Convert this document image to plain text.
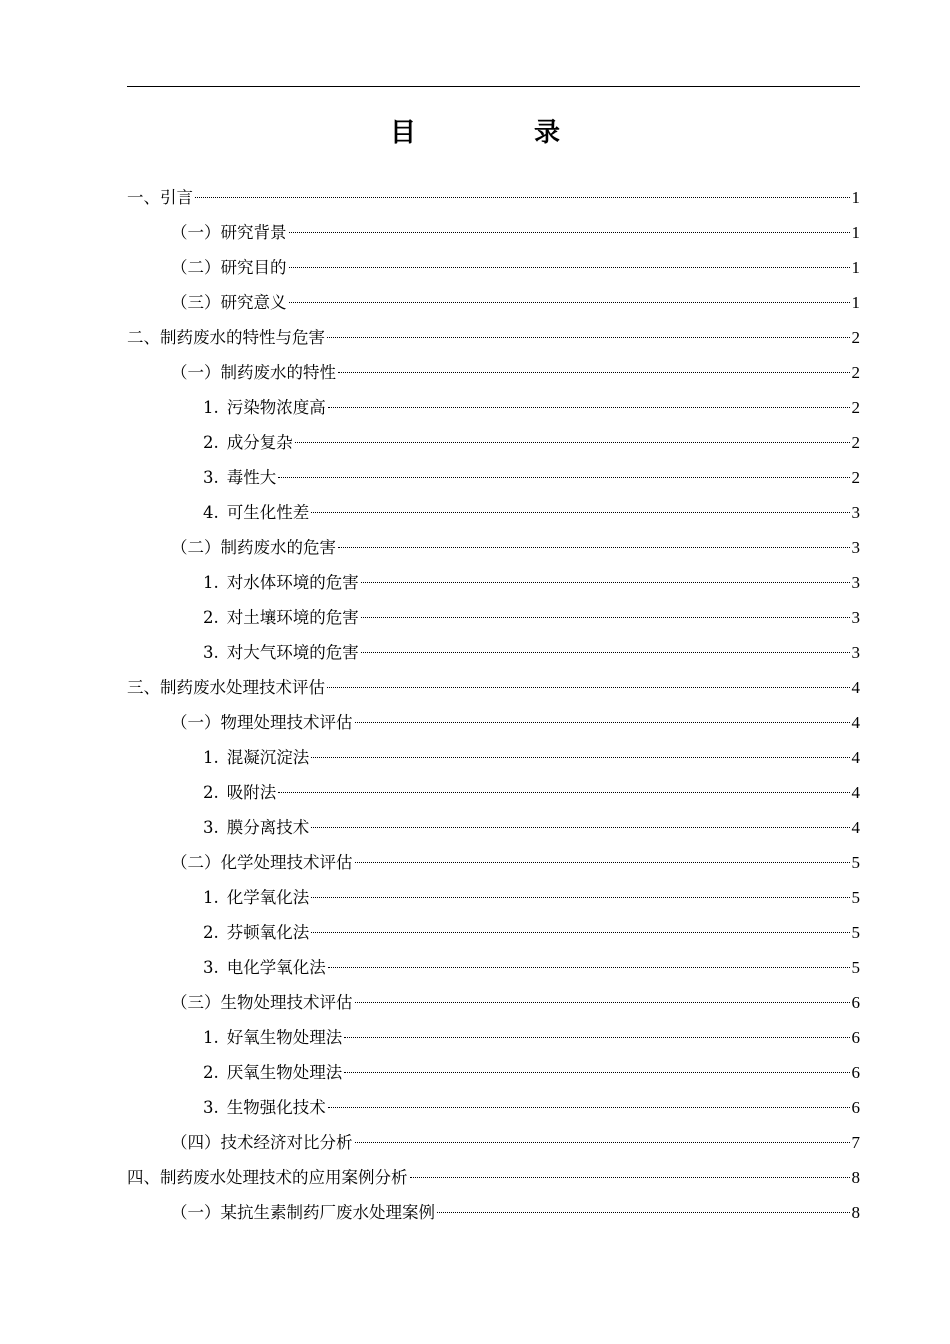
目　录
一、引言	1
（一）研究背景	1
（二）研究目的	1
（三）研究意义	1
二、制药废水的特性与危害	2
（一）制药废水的特性	2
1. 污染物浓度高	2
2. 成分复杂	2
3. 毒性大	2
4. 可生化性差	3
（二）制药废水的危害	3
1. 对水体环境的危害	3
2. 对土壤环境的危害	3
3. 对大气环境的危害	3
三、制药废水处理技术评估	4
（一）物理处理技术评估	4
1. 混凝沉淀法	4
2. 吸附法	4
3. 膜分离技术	4
（二）化学处理技术评估	5
1. 化学氧化法	5
2. 芬顿氧化法	5
3. 电化学氧化法	5
（三）生物处理技术评估	6
1. 好氧生物处理法	6
2. 厌氧生物处理法	6
3. 生物强化技术	6
（四）技术经济对比分析	7
四、制药废水处理技术的应用案例分析	8
（一）某抗生素制药厂废水处理案例	8
